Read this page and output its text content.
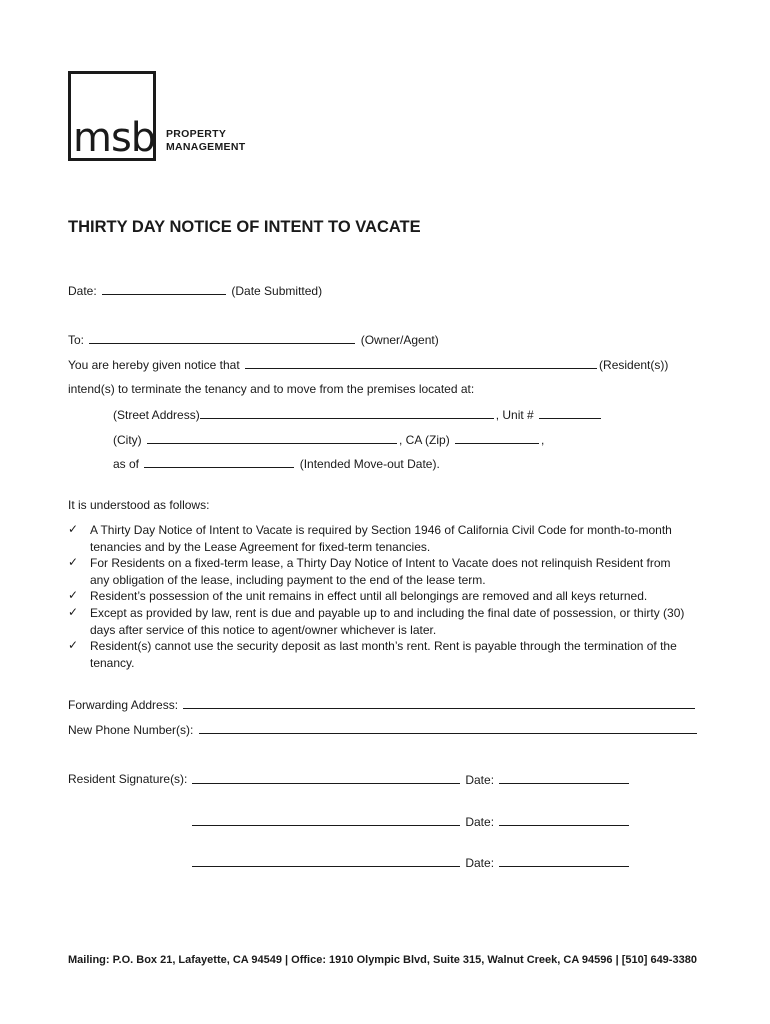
msb PROPERTY
MANAGEMENT
THIRTY DAY NOTICE OF INTENT TO VACATE
Date:	(Date Submitted)
To:	(Owner/Agent)
You are hereby given notice that	(Resident(s))
intend(s) to terminate the tenancy and to move from the premises located at:
(Street Address)	, Unit #
(City)	, CA (Zip)	,
as of	(Intended Move-out Date).
It is understood as follows:
✓ A Thirty Day Notice of Intent to Vacate is required by Section 1946 of California Civil Code for month-to-month tenancies and by the Lease Agreement for fixed-term tenancies.
✓ For Residents on a fixed-term lease, a Thirty Day Notice of Intent to Vacate does not relinquish Resident from any obligation of the lease, including payment to the end of the lease term.
✓ Resident’s possession of the unit remains in effect until all belongings are removed and all keys returned.
✓ Except as provided by law, rent is due and payable up to and including the final date of possession, or thirty (30) days after service of this notice to agent/owner whichever is later.
✓ Resident(s) cannot use the security deposit as last month’s rent. Rent is payable through the termination of the tenancy.
Forwarding Address:
New Phone Number(s):
Resident Signature(s):	Date:
Date:
Date:
Mailing: P.O. Box 21, Lafayette, CA 94549 | Office: 1910 Olympic Blvd, Suite 315, Walnut Creek, CA 94596 | [510] 649-3380
